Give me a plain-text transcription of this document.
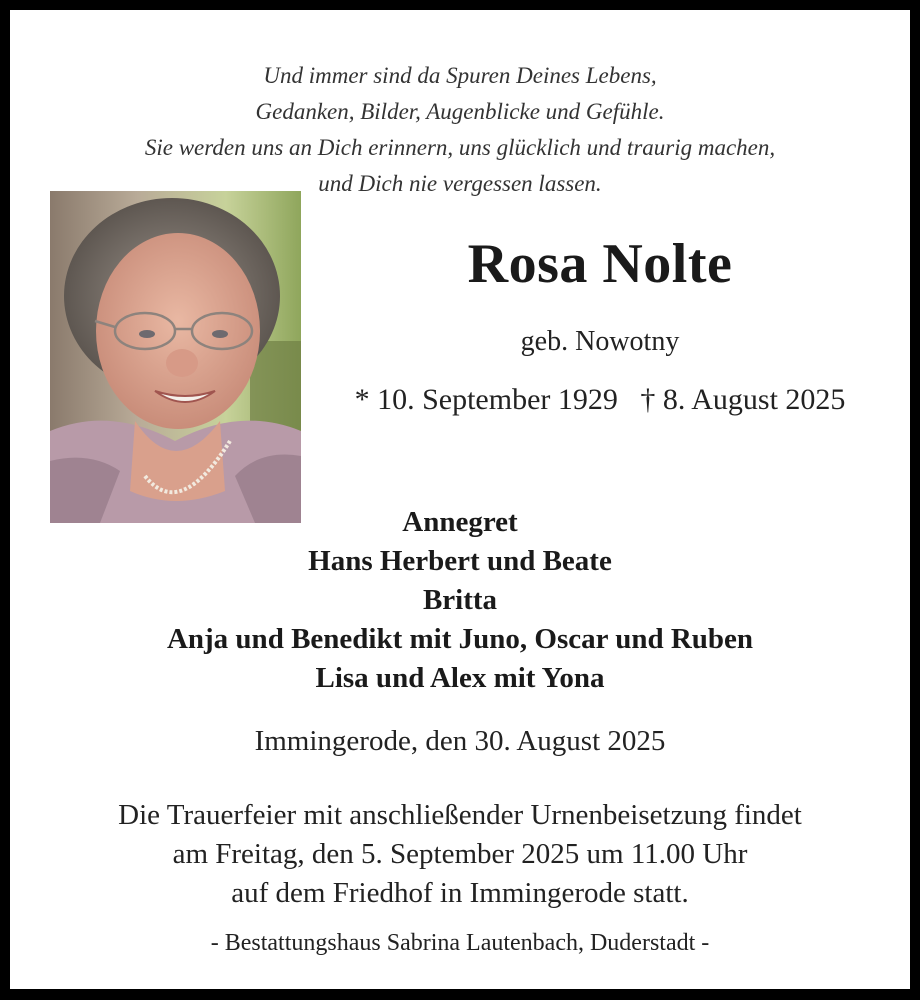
Und immer sind da Spuren Deines Lebens,
Gedanken, Bilder, Augenblicke und Gefühle.
Sie werden uns an Dich erinnern, uns glücklich und traurig machen,
und Dich nie vergessen lassen.
Rosa Nolte
geb. Nowotny
* 10. September 1929   † 8. August 2025
Annegret
Hans Herbert und Beate
Britta
Anja und Benedikt mit Juno, Oscar und Ruben
Lisa und Alex mit Yona
Immingerode, den 30. August 2025
Die Trauerfeier mit anschließender Urnenbeisetzung findet
am Freitag, den 5. September 2025 um 11.00 Uhr
auf dem Friedhof in Immingerode statt.
- Bestattungshaus Sabrina Lautenbach, Duderstadt -
